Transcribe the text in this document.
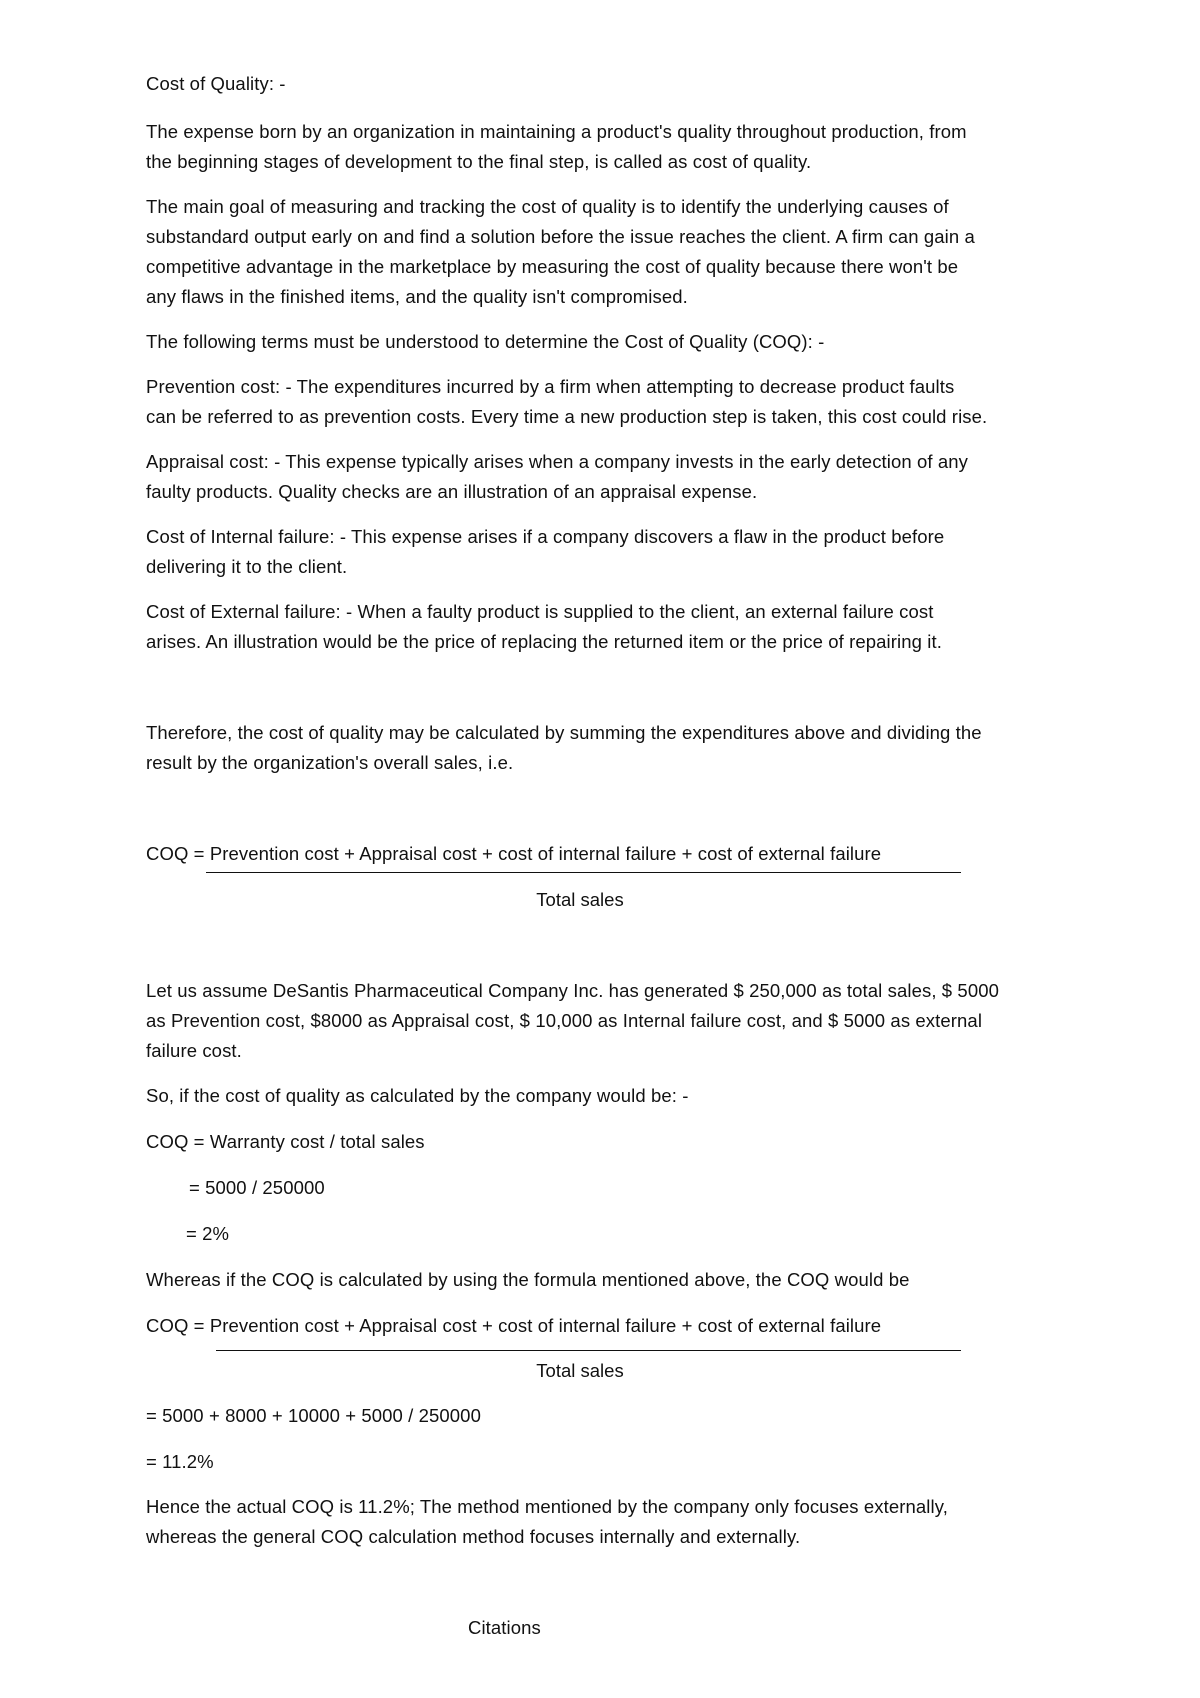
Cost of Quality: -
The expense born by an organization in maintaining a product's quality throughout production, from
the beginning stages of development to the final step, is called as cost of quality.
The main goal of measuring and tracking the cost of quality is to identify the underlying causes of
substandard output early on and find a solution before the issue reaches the client. A firm can gain a
competitive advantage in the marketplace by measuring the cost of quality because there won't be
any flaws in the finished items, and the quality isn't compromised.
The following terms must be understood to determine the Cost of Quality (COQ): -
Prevention cost: - The expenditures incurred by a firm when attempting to decrease product faults
can be referred to as prevention costs. Every time a new production step is taken, this cost could rise.
Appraisal cost: - This expense typically arises when a company invests in the early detection of any
faulty products. Quality checks are an illustration of an appraisal expense.
Cost of Internal failure: - This expense arises if a company discovers a flaw in the product before
delivering it to the client.
Cost of External failure: - When a faulty product is supplied to the client, an external failure cost
arises. An illustration would be the price of replacing the returned item or the price of repairing it.
Therefore, the cost of quality may be calculated by summing the expenditures above and dividing the
result by the organization's overall sales, i.e.
COQ = Prevention cost + Appraisal cost + cost of internal failure + cost of external failure
Total sales
Let us assume DeSantis Pharmaceutical Company Inc. has generated $ 250,000 as total sales, $ 5000
as Prevention cost, $8000 as Appraisal cost, $ 10,000 as Internal failure cost, and $ 5000 as external
failure cost.
So, if the cost of quality as calculated by the company would be: -
COQ = Warranty cost / total sales
= 5000 / 250000
= 2%
Whereas if the COQ is calculated by using the formula mentioned above, the COQ would be
COQ = Prevention cost + Appraisal cost + cost of internal failure + cost of external failure
Total sales
= 5000 + 8000 + 10000 + 5000 / 250000
= 11.2%
Hence the actual COQ is 11.2%; The method mentioned by the company only focuses externally,
whereas the general COQ calculation method focuses internally and externally.
Citations
